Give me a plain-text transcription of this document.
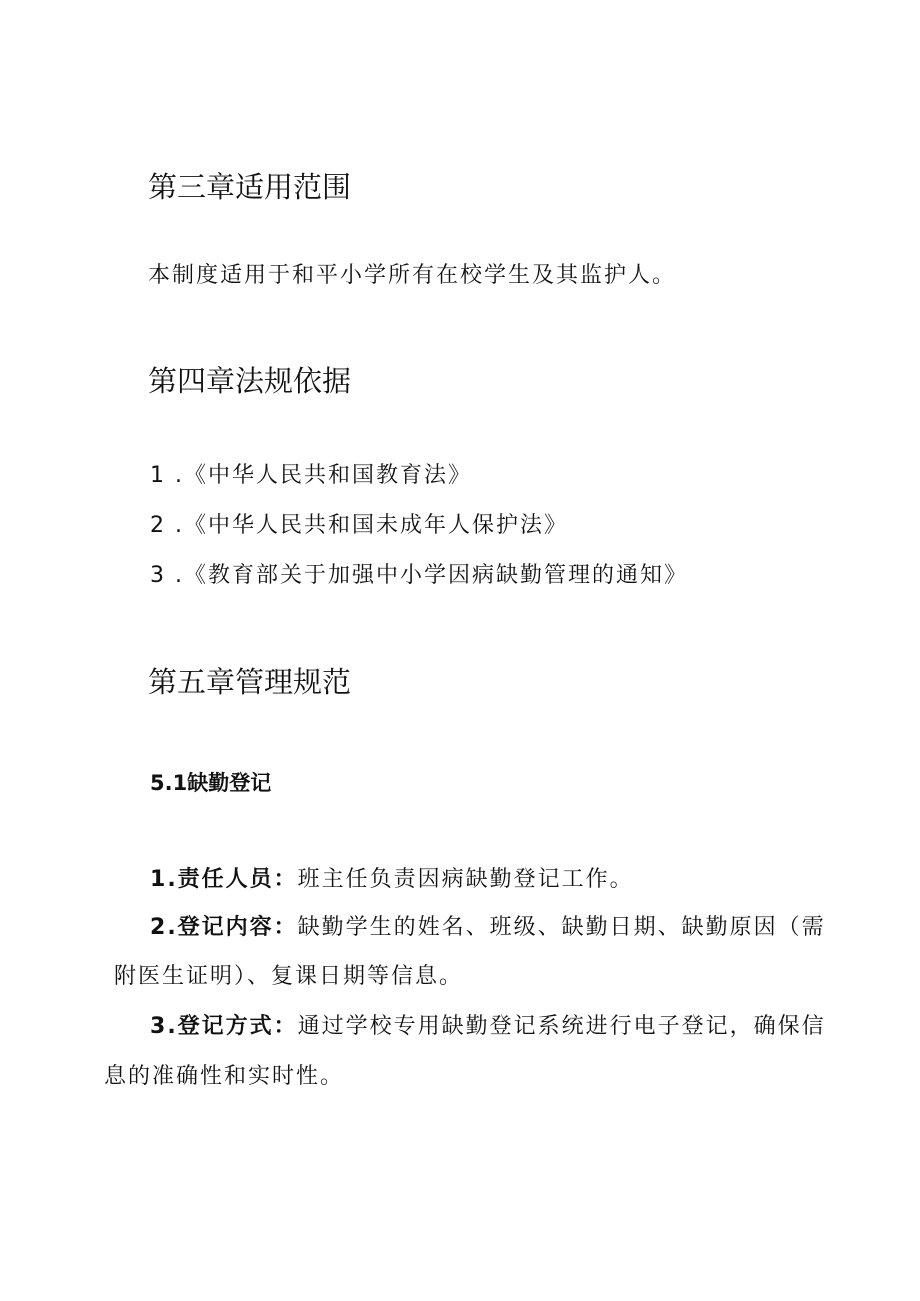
第三章适用范围
本制度适用于和平小学所有在校学生及其监护人。
第四章法规依据
1 .《中华人民共和国教育法》
2 .《中华人民共和国未成年人保护法》
3 .《教育部关于加强中小学因病缺勤管理的通知》
第五章管理规范
5.1缺勤登记
1.责任人员：班主任负责因病缺勤登记工作。
2.登记内容：缺勤学生的姓名、班级、缺勤日期、缺勤原因（需
附医生证明）、复课日期等信息。
3.登记方式：通过学校专用缺勤登记系统进行电子登记，确保信
息的准确性和实时性。
